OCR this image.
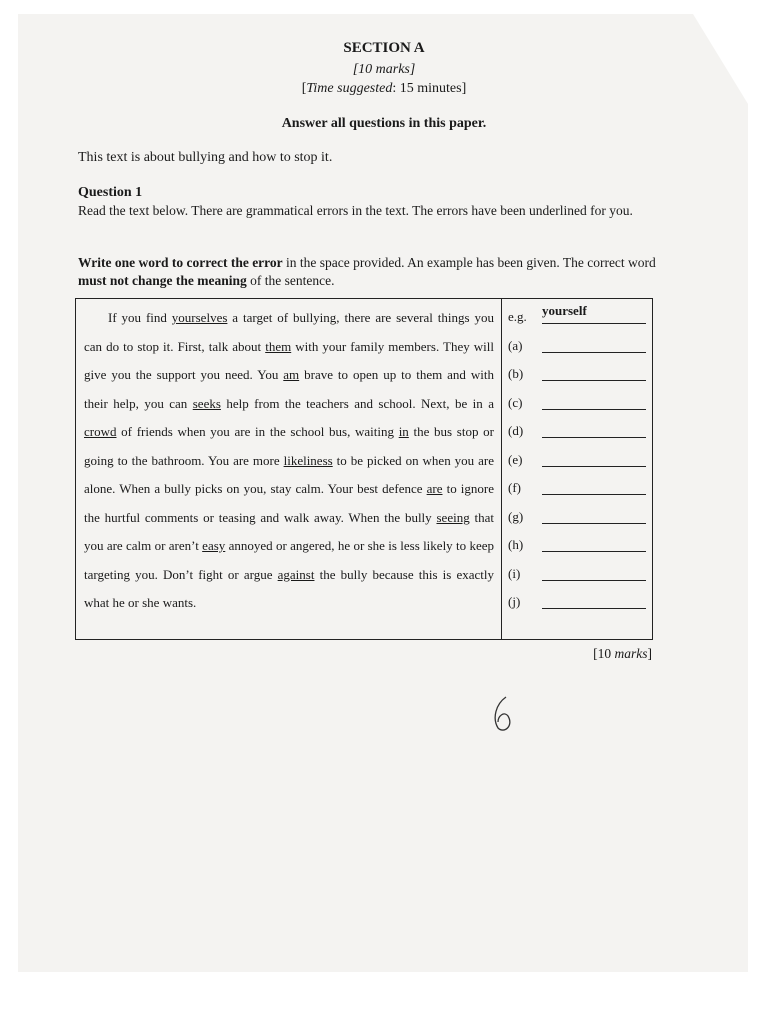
SECTION A
[10 marks]
[Time suggested: 15 minutes]
Answer all questions in this paper.
This text is about bullying and how to stop it.
Question 1
Read the text below. There are grammatical errors in the text. The errors have been underlined for you.
Write one word to correct the error in the space provided. An example has been given. The correct word must not change the meaning of the sentence.
If you find yourselves a target of bullying, there are several things you can do to stop it. First, talk about them with your family members. They will give you the support you need. You am brave to open up to them and with their help, you can seeks help from the teachers and school. Next, be in a crowd of friends when you are in the school bus, waiting in the bus stop or going to the bathroom. You are more likeliness to be picked on when you are alone. When a bully picks on you, stay calm. Your best defence are to ignore the hurtful comments or teasing and walk away. When the bully seeing that you are calm or aren’t easy annoyed or angered, he or she is less likely to keep targeting you. Don’t fight or argue against the bully because this is exactly what he or she wants.
e.g. yourself
(a)
(b)
(c)
(d)
(e)
(f)
(g)
(h)
(i)
(j)
[10 marks]
